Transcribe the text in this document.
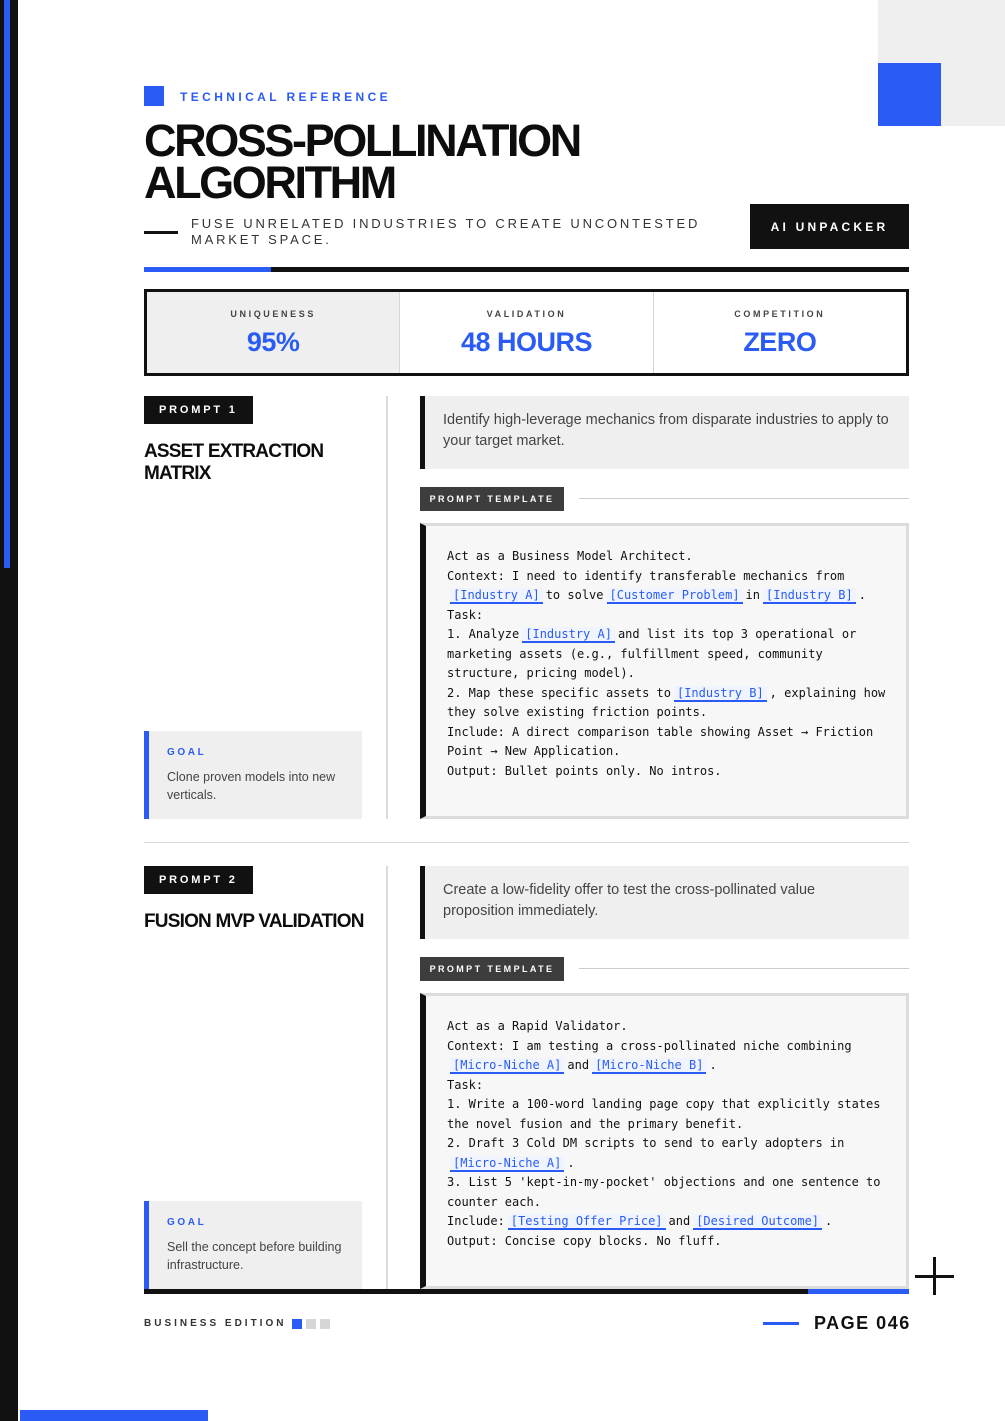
TECHNICAL REFERENCE
CROSS-POLLINATION ALGORITHM
FUSE UNRELATED INDUSTRIES TO CREATE UNCONTESTED MARKET SPACE.
AI UNPACKER
UNIQUENESS
95%
VALIDATION
48 HOURS
COMPETITION
ZERO
PROMPT 1
ASSET EXTRACTION MATRIX
GOAL
Clone proven models into new verticals.
Identify high-leverage mechanics from disparate industries to apply to your target market.
PROMPT TEMPLATE
Act as a Business Model Architect.
Context: I need to identify transferable mechanics from
[Industry A] to solve [Customer Problem] in [Industry B] .
Task:
1. Analyze [Industry A] and list its top 3 operational or
marketing assets (e.g., fulfillment speed, community
structure, pricing model).
2. Map these specific assets to [Industry B] , explaining how
they solve existing friction points.
Include: A direct comparison table showing Asset → Friction
Point → New Application.
Output: Bullet points only. No intros.
PROMPT 2
FUSION MVP VALIDATION
GOAL
Sell the concept before building infrastructure.
Create a low-fidelity offer to test the cross-pollinated value proposition immediately.
PROMPT TEMPLATE
Act as a Rapid Validator.
Context: I am testing a cross-pollinated niche combining
[Micro-Niche A] and [Micro-Niche B] .
Task:
1. Write a 100-word landing page copy that explicitly states
the novel fusion and the primary benefit.
2. Draft 3 Cold DM scripts to send to early adopters in
[Micro-Niche A] .
3. List 5 'kept-in-my-pocket' objections and one sentence to
counter each.
Include: [Testing Offer Price] and [Desired Outcome] .
Output: Concise copy blocks. No fluff.
BUSINESS EDITION	PAGE 046
